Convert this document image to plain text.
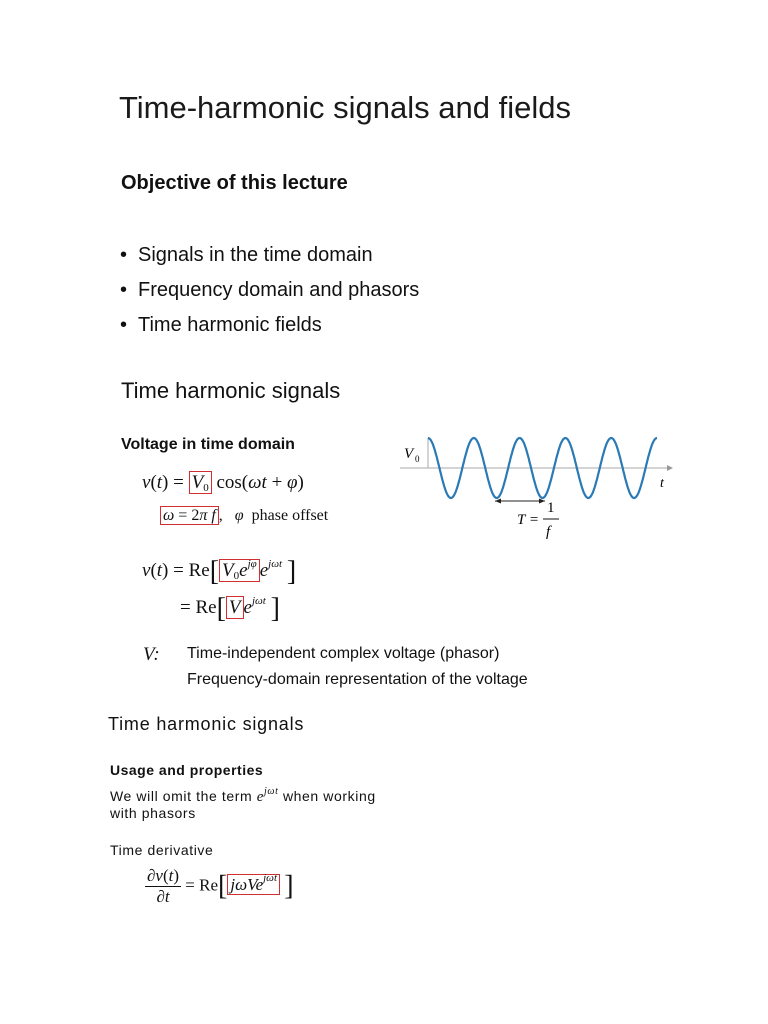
Time-harmonic signals and fields
Objective of this lecture
• Signals in the time domain
• Frequency domain and phasors
• Time harmonic fields
Time harmonic signals
Voltage in time domain
$v(t) = V_0$ cos(ωt + φ)
ω = 2π f ,   φ phase offset
v(t) = Re[ $V_0e^{j\varphi}$ $e^{j\omega t}$ ]
= Re[ V $e^{j\omega t}$ ]
V: Time-independent complex voltage (phasor)
Frequency-domain representation of the voltage
V 0
t
T =
1
f
Time harmonic signals
Usage and properties
We will omit the term $e^{j\omega t}$ when working
with phasors
Time derivative
$\frac{\partial v(t)}{\partial t} = Re$[ jωVe$^{j\omega t}$ ]
